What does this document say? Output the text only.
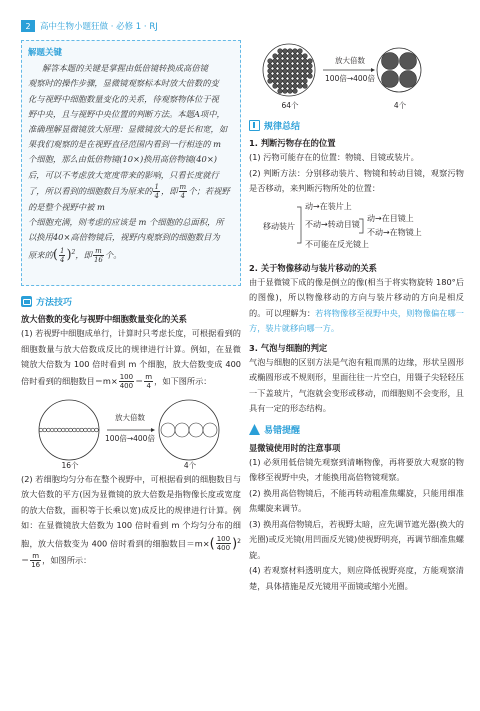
2	高中生物小题狂做 · 必修 1 · RJ
解题关键
解答本题的关键是掌握由低倍镜转换成高倍镜
观察时的操作步骤，显微镜观察标本时放大倍数的变
化与视野中细胞数量变化的关系，待观察物体位于视
野中央，且与视野中央位置的判断方法。本题A项中，
准确理解显微镜放大原理：显微镜放大的是长和宽，如
果我们观察的是在视野直径范围内看到一行相连的 m
个细胞，那么由低倍物镜(10×)换用高倍物镜(40×)
后，可以不考虑放大宽度带来的影响，只看长度就行
了，所以看到的细胞数目为原来的 $\frac{1}{4}$ ，即 $\frac{m}{4}$ 个；若视野的是整个视野中被 m
个细胞充满，则考虑的应该是 m 个细胞的总面积，所
以换用40×高倍物镜后，视野内观察到的细胞数目为
原来的( $\frac{1}{4} )^2$，即 $\frac{m}{16}$ 个。
方法技巧
放大倍数的变化与视野中细胞数量变化的关系
(1) 若视野中细胞成单行，计算时只考虑长度，可根据看到的细胞数量与放大倍数成反比的规律进行计算。例如，在显微镜放大倍数为 100 倍时看到 m 个细胞，放大倍数变成 400 倍时看到的细胞数目$=m\times \frac{100}{400} = \frac{m}{4}$ ，如下图所示：
放大倍数
100倍→400倍
16个	4个
(2) 若细胞均匀分布在整个视野中，可根据看到的细胞数目与放大倍数的平方(因为显微镜的放大倍数是指物像长度或宽度的放大倍数，面积等于长乘以宽)成反比的规律进行计算。例如：在显微镜放大倍数为 100 倍时看到 m 个均匀分布的细胞，放大倍数变为 400 倍时看到的细胞数目$=m\times( \frac{100}{400} )^2= \frac{m}{16}$ ，如图所示：
放大倍数
100倍→400倍
64个	4个
规律总结
1. 判断污物存在的位置
(1) 污物可能存在的位置：物镜、目镜或装片。
(2) 判断方法：分别移动装片、物镜和转动目镜，观察污物是否移动，来判断污物所处的位置：
移动装片
动→在装片上
不动→转动目镜
动→在目镜上
不动→在物镜上
不可能在反光镜上
2. 关于物像移动与装片移动的关系
由于显微镜下成的像是倒立的像(相当于将实物旋转 180°后的图像)，所以物像移动的方向与装片移动的方向是相反的。可以理解为：若将物像移至视野中央，则物像偏在哪一方，装片就移向哪一方。
3. 气泡与细胞的判定
气泡与细胞的区别方法是气泡有粗而黑的边缘，形状呈圆形或椭圆形或不规则形，里面往往一片空白，用镊子尖轻轻压一下盖玻片，气泡就会变形或移动，而细胞则不会变形，且具有一定的形态结构。
易错提醒
显微镜使用时的注意事项
(1) 必须用低倍镜先观察到清晰物像，再将要放大观察的物像移至视野中央，才能换用高倍物镜观察。
(2) 换用高倍物镜后，不能再转动粗准焦螺旋，只能用细准焦螺旋来调节。
(3) 换用高倍物镜后，若视野太暗，应先调节遮光器(换大的光圈)或反光镜(用凹面反光镜)使视野明亮，再调节细准焦螺旋。
(4) 若观察材料透明度大，则应降低视野亮度，方能观察清楚，具体措施是反光镜用平面镜或缩小光圈。
